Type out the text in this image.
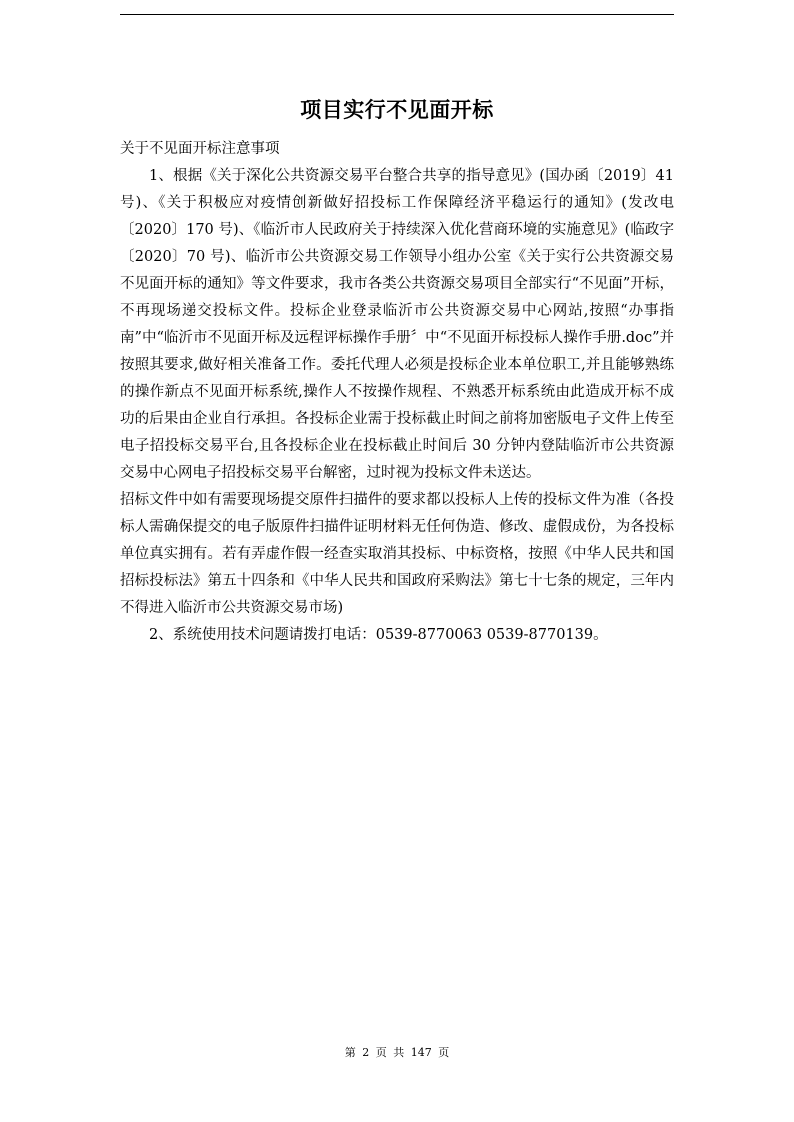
项目实行不见面开标

关于不见面开标注意事项

1、根据《关于深化公共资源交易平台整合共享的指导意见》(国办函〔2019〕41 号)、《关于积极应对疫情创新做好招投标工作保障经济平稳运行的通知》(发改电〔2020〕170 号)、《临沂市人民政府关于持续深入优化营商环境的实施意见》(临政字〔2020〕70 号)、临沂市公共资源交易工作领导小组办公室《关于实行公共资源交易不见面开标的通知》等文件要求，我市各类公共资源交易项目全部实行“不见面”开标，不再现场递交投标文件。投标企业登录临沂市公共资源交易中心网站,按照“办事指南”中“临沂市不见面开标及远程评标操作手册〞中“不见面开标投标人操作手册.doc”并按照其要求,做好相关准备工作。委托代理人必须是投标企业本单位职工,并且能够熟练的操作新点不见面开标系统,操作人不按操作规程、不熟悉开标系统由此造成开标不成功的后果由企业自行承担。各投标企业需于投标截止时间之前将加密版电子文件上传至电子招投标交易平台,且各投标企业在投标截止时间后 30 分钟内登陆临沂市公共资源交易中心网电子招投标交易平台解密，过时视为投标文件未送达。

招标文件中如有需要现场提交原件扫描件的要求都以投标人上传的投标文件为准（各投标人需确保提交的电子版原件扫描件证明材料无任何伪造、修改、虚假成份，为各投标单位真实拥有。若有弄虚作假一经查实取消其投标、中标资格，按照《中华人民共和国招标投标法》第五十四条和《中华人民共和国政府采购法》第七十七条的规定，三年内不得进入临沂市公共资源交易市场)

2、系统使用技术问题请拨打电话：0539-8770063 0539-8770139。

第 2 页 共 147 页
